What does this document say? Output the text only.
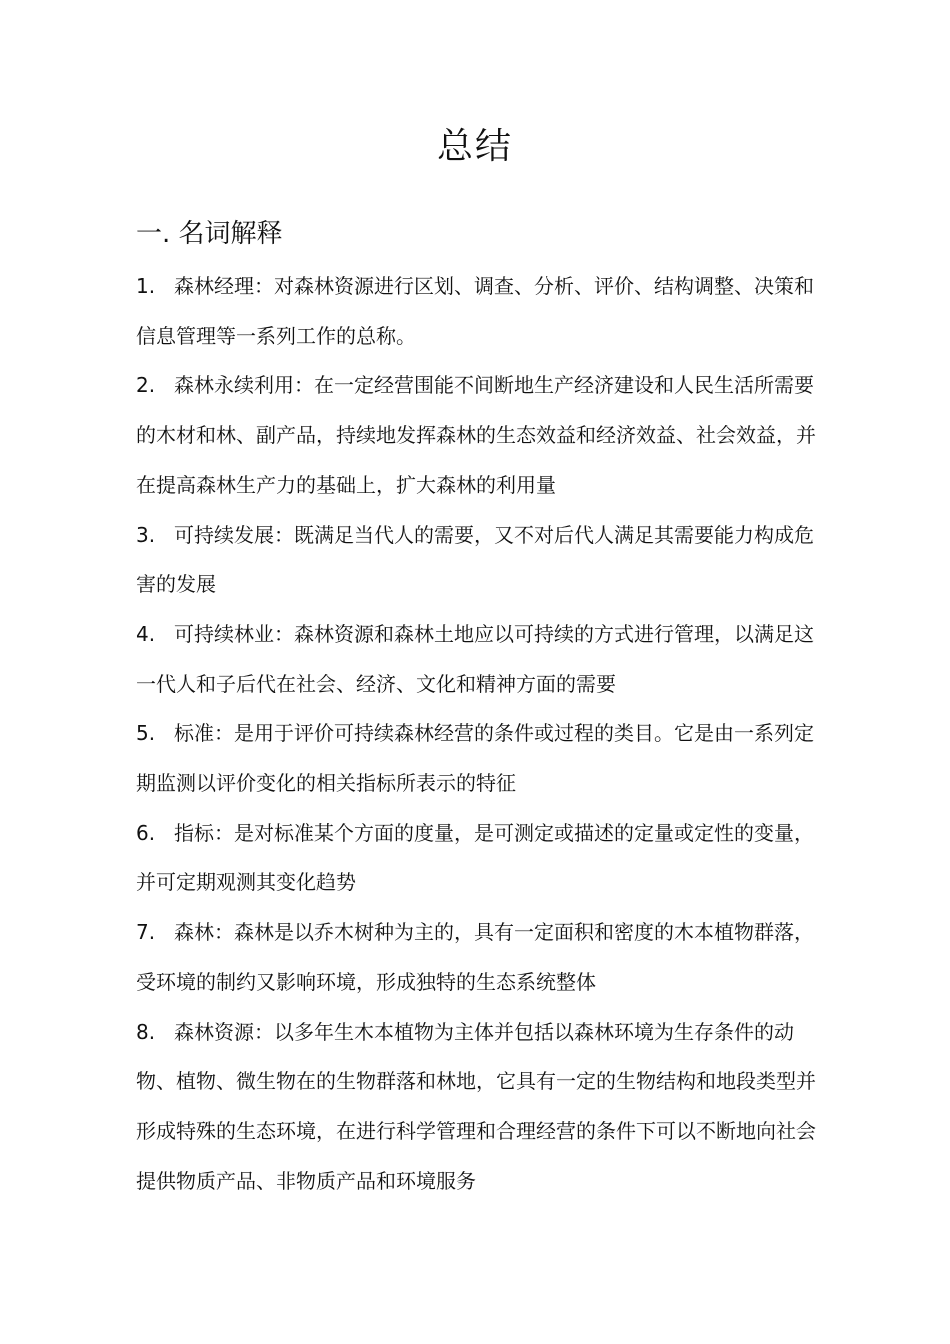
总结
一. 名词解释

1. 森林经理：对森林资源进行区划、调查、分析、评价、结构调整、决策和信息管理等一系列工作的总称。

2. 森林永续利用：在一定经营围能不间断地生产经济建设和人民生活所需要的木材和林、副产品，持续地发挥森林的生态效益和经济效益、社会效益，并在提高森林生产力的基础上，扩大森林的利用量

3. 可持续发展：既满足当代人的需要，又不对后代人满足其需要能力构成危害的发展

4. 可持续林业：森林资源和森林土地应以可持续的方式进行管理，以满足这一代人和子后代在社会、经济、文化和精神方面的需要

5. 标准：是用于评价可持续森林经营的条件或过程的类目。它是由一系列定期监测以评价变化的相关指标所表示的特征

6. 指标：是对标准某个方面的度量，是可测定或描述的定量或定性的变量，并可定期观测其变化趋势

7. 森林：森林是以乔木树种为主的，具有一定面积和密度的木本植物群落，受环境的制约又影响环境，形成独特的生态系统整体

8. 森林资源：以多年生木本植物为主体并包括以森林环境为生存条件的动物、植物、微生物在的生物群落和林地，它具有一定的生物结构和地段类型并形成特殊的生态环境，在进行科学管理和合理经营的条件下可以不断地向社会提供物质产品、非物质产品和环境服务
